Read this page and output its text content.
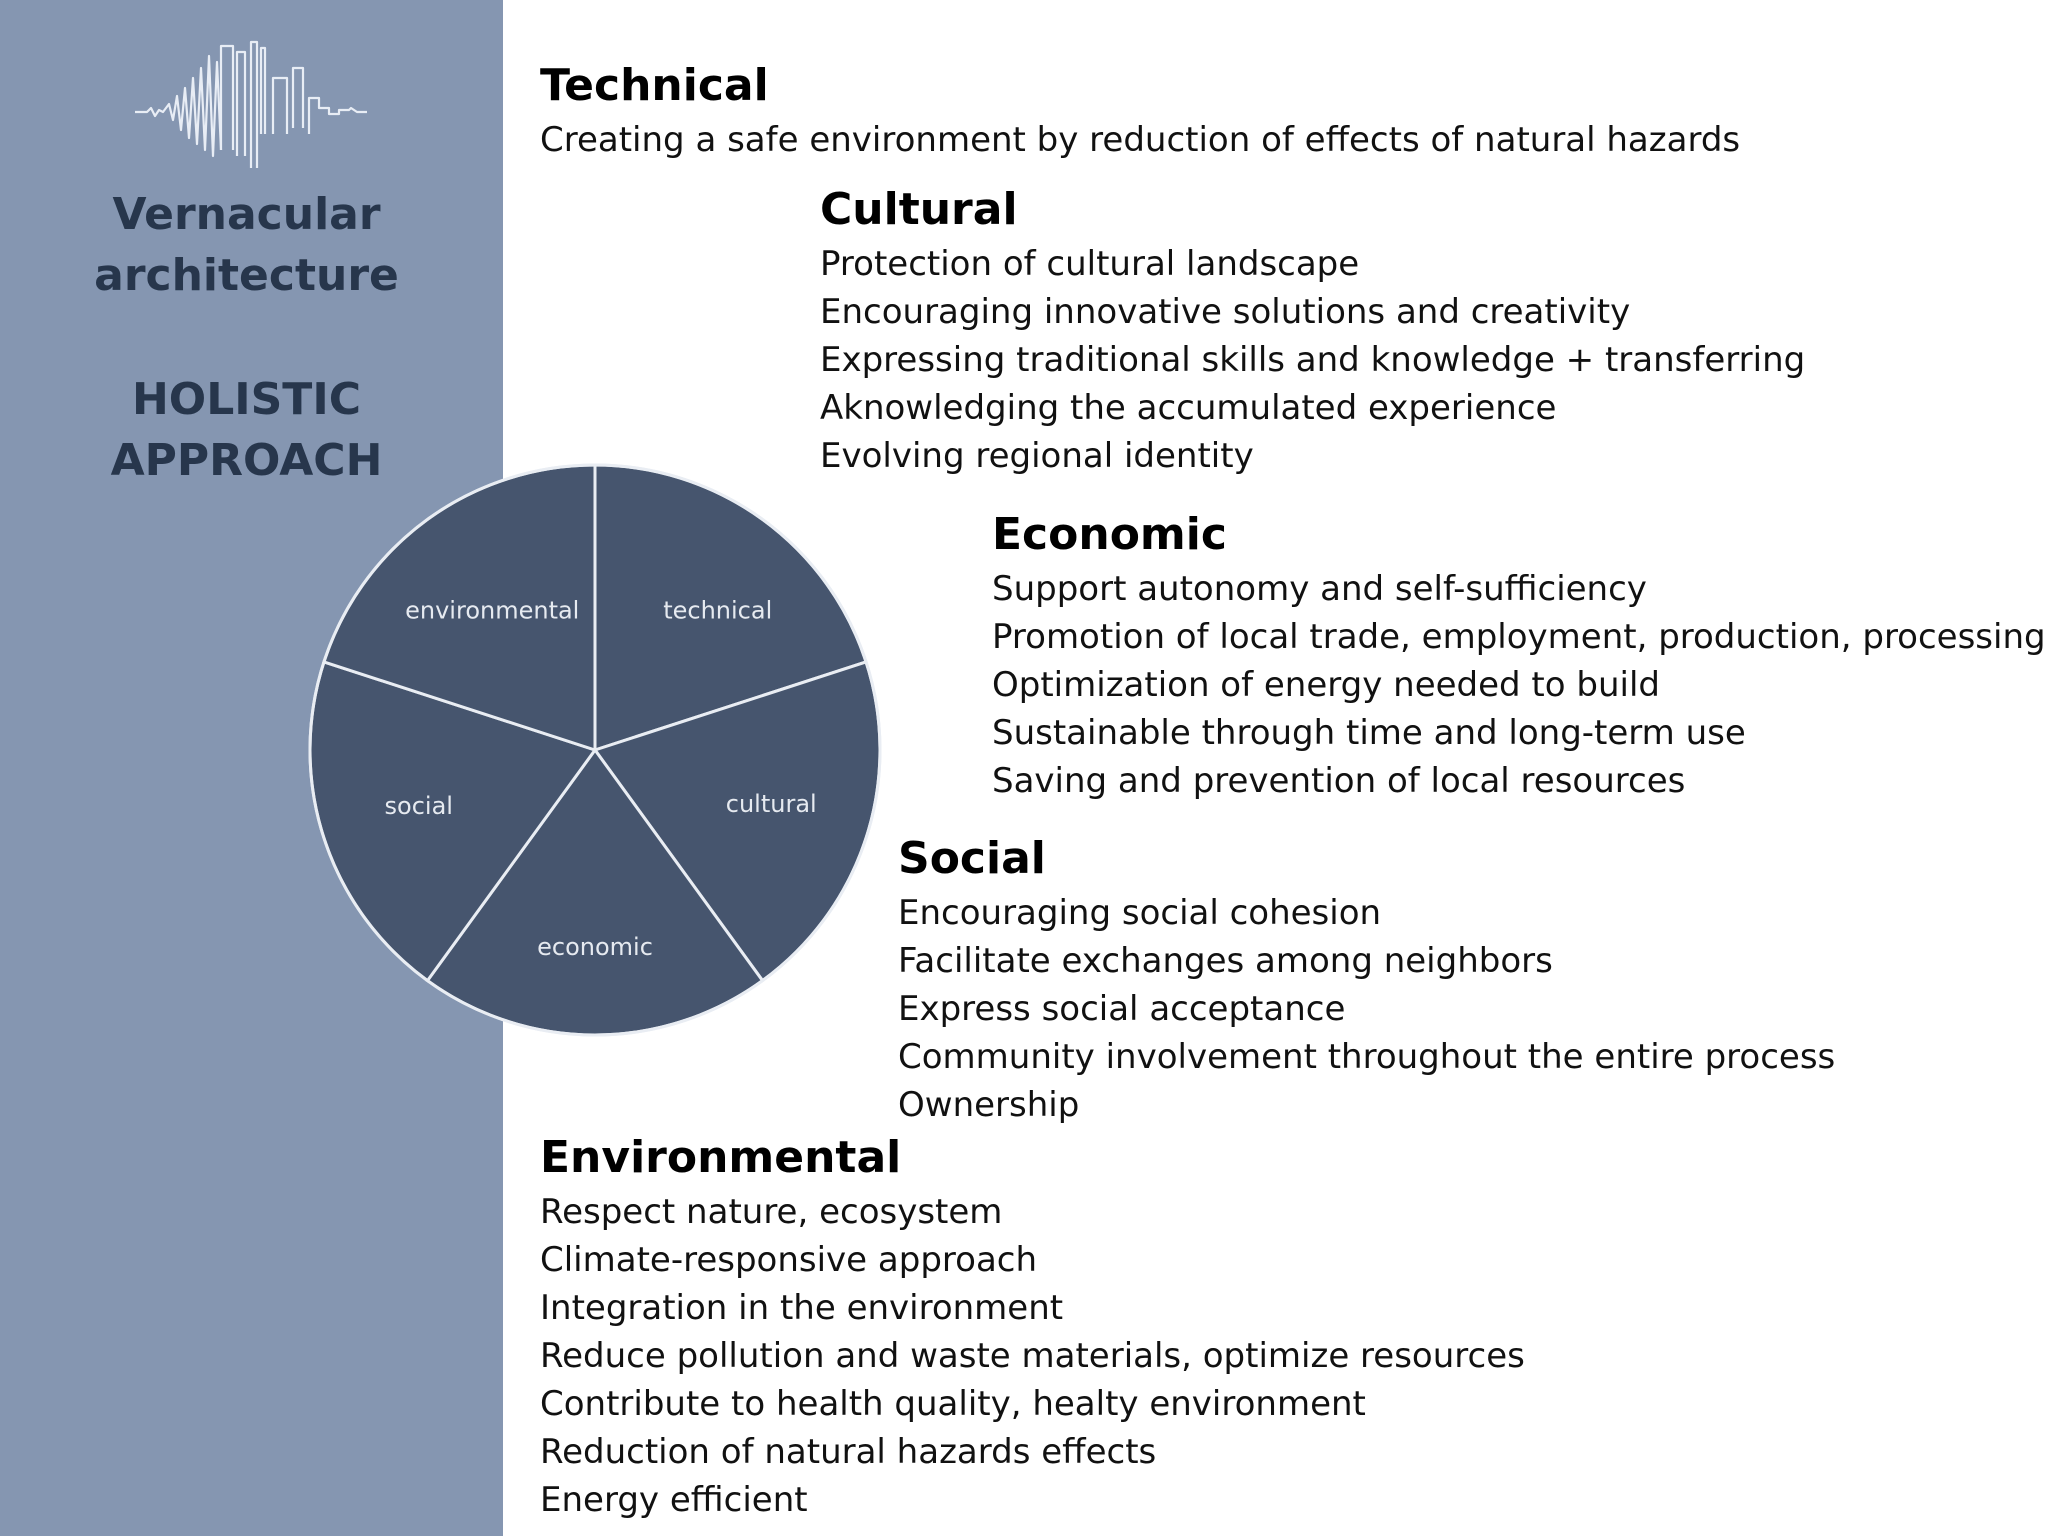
Vernacular
architecture
HOLISTIC
APPROACH
technical
cultural
economic
social
environmental
Technical
Creating a safe environment by reduction of effects of natural hazards
Cultural
Protection of cultural landscape
Encouraging innovative solutions and creativity
Expressing traditional skills and knowledge + transferring
Aknowledging the accumulated experience
Evolving regional identity
Economic
Support autonomy and self-sufficiency
Promotion of local trade, employment, production, processing
Optimization of energy needed to build
Sustainable through time and long-term use
Saving and prevention of local resources
Social
Encouraging social cohesion
Facilitate exchanges among neighbors
Express social acceptance
Community involvement throughout the entire process
Ownership
Environmental
Respect nature, ecosystem
Climate-responsive approach
Integration in the environment
Reduce pollution and waste materials, optimize resources
Contribute to health quality, healty environment
Reduction of natural hazards effects
Energy efficient
